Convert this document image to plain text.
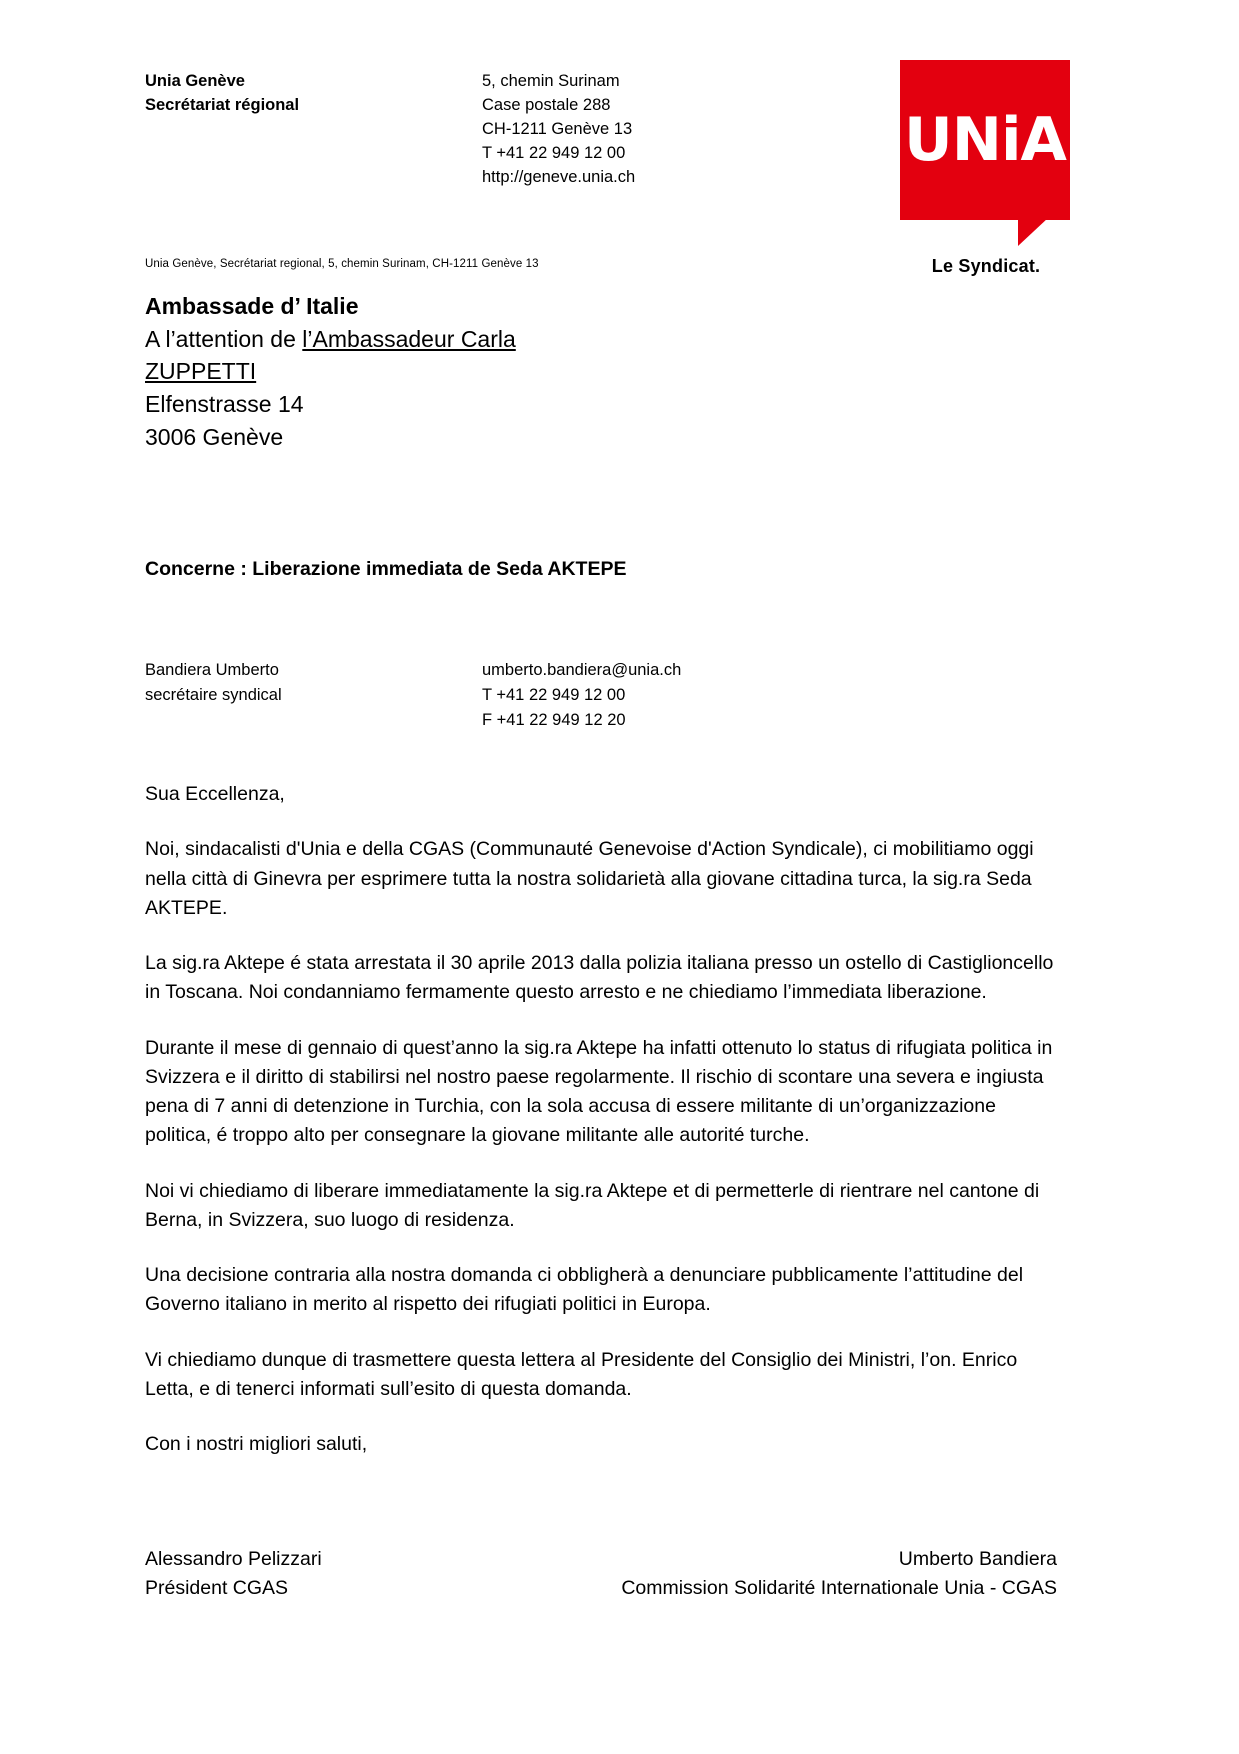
Unia Genève
Secrétariat régional
5, chemin Surinam
Case postale 288
CH-1211 Genève 13
T +41 22 949 12 00
http://geneve.unia.ch
UNiA
Le Syndicat.
Unia Genève, Secrétariat regional, 5, chemin Surinam, CH-1211 Genève 13
Ambassade d’ Italie
A l’attention de l’Ambassadeur Carla
ZUPPETTI
Elfenstrasse 14
3006 Genève
Concerne : Liberazione immediata de Seda AKTEPE
Bandiera Umberto
secrétaire syndical
umberto.bandiera@unia.ch
T +41 22 949 12 00
F +41 22 949 12 20

Sua Eccellenza,

Noi, sindacalisti d'Unia e della CGAS (Communauté Genevoise d'Action Syndicale), ci mobilitiamo oggi nella città di Ginevra per esprimere tutta la nostra solidarietà alla giovane cittadina turca, la sig.ra Seda AKTEPE.

La sig.ra Aktepe é stata arrestata il 30 aprile 2013 dalla polizia italiana presso un ostello di Castiglioncello in Toscana. Noi condanniamo fermamente questo arresto e ne chiediamo l’immediata liberazione.

Durante il mese di gennaio di quest’anno la sig.ra Aktepe ha infatti ottenuto lo status di rifugiata politica in Svizzera e il diritto di stabilirsi nel nostro paese regolarmente. Il rischio di scontare una severa e ingiusta pena di 7 anni di detenzione in Turchia, con la sola accusa di essere militante di un’organizzazione politica, é troppo alto per consegnare la giovane militante alle autorité turche.

Noi vi chiediamo di liberare immediatamente la sig.ra Aktepe et di permetterle di rientrare nel cantone di Berna, in Svizzera, suo luogo di residenza.

Una decisione contraria alla nostra domanda ci obbligherà a denunciare pubblicamente l’attitudine del Governo italiano in merito al rispetto dei rifugiati politici in Europa.

Vi chiediamo dunque di trasmettere questa lettera al Presidente del Consiglio dei Ministri, l’on. Enrico Letta, e di tenerci informati sull’esito di questa domanda.

Con i nostri migliori saluti,

Alessandro Pelizzari
Président CGAS
Umberto Bandiera
Commission Solidarité Internationale Unia - CGAS
